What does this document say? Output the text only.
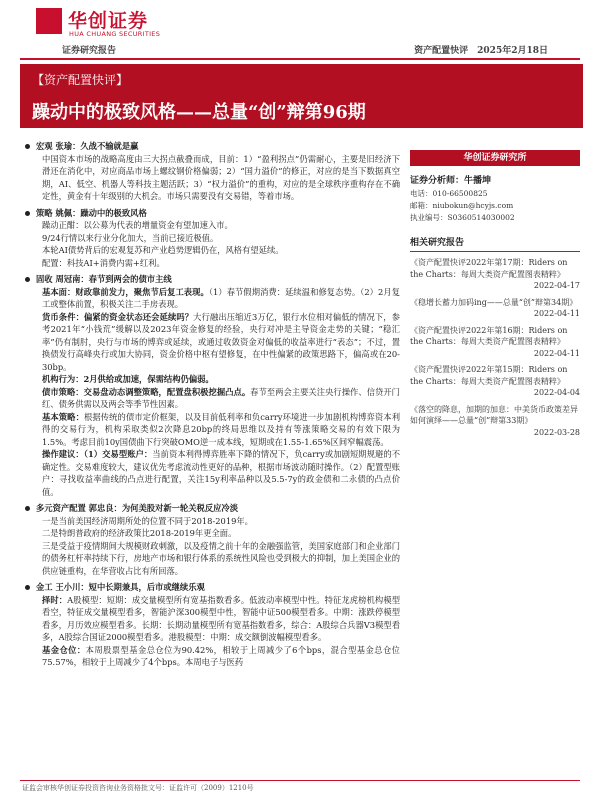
华创证券
HUA CHUANG SECURITIES
证券研究报告	资产配置快评　2025年2月18日
【资产配置快评】
躁动中的极致风格——总量“创”辩第96期
宏观 张瑜：久战不输就是赢

中国资本市场的战略高度由三大拐点截叠而成，目前：1）“盈利拐点”仍需耐心，主要是旧经济下滑还在消化中，对应商品市场上螺纹钢价格偏弱；2）“国力溢价”的修正，对应的是当下数据真空期，AI、低空、机器人等科技主题活跃；3）“权力溢价”的重构，对应的是全球秩序重构存在不确定性，黄金有十年级别的大机会。市场只需要没有交易错，等着市场。

策略 姚佩：躁动中的极致风格

躁动正酣：以公募为代表的增量资金有望加速入市。

9/24行情以来行业分化加大，当前已接近极值。

本轮AI债势背后的宏观复苏和产业趋势逻辑仍在，风格有望延续。

配置：科技AI+消费内需+红利。

固收 周冠南：春节到两会的债市主线

基本面：财政靠前发力，聚焦节后复工表现。（1）春节假期消费：延续温和修复态势。（2）2月复工或整体前置，积极关注二手房表现。

货币条件：偏紧的资金状态还会延续吗？大行融出压缩近3万亿，银行水位相对偏低的情况下，参考2021年“小钱荒”缓解以及2023年资金修复的经验，央行对冲是主导资金走势的关键；“稳汇率”仍有制肘，央行与市场的博弈或延续，或通过收敛资金对偏低的收益率进行“表态”；不过，置换债发行高峰央行或加大协同，资金价格中枢有望修复，在中性偏紧的政策思路下，偏高或在20-30bp。

机构行为：2月供给或加速，保需结构仍偏弱。

债市策略：交易盘动态调整策略，配置盘积极挖掘凸点。春节至两会主要关注央行操作、信贷开门红、债务供需以及两会等季节性因素。

基本策略：根据传统的债市定价框架，以及目前低利率和负carry环境进一步加剧机构博弈资本利得的交易行为，机构采取类似2次降息20bp的终局思维以及持有等涨策略交易的有效下限为1.5%。考虑目前10y国债曲下行突破OMO逆一成本线，短期或在1.55-1.65%区间窄幅震荡。

操作建议：（1）交易型账户：当前资本利得博弈胜率下降的情况下，负carry或加剧短期规避的不确定性。交易难度较大，建议优先考虑流动性更好的品种，根据市场波动随时操作。（2）配置型账户：寻找收益率曲线的凸点进行配置，关注15y利率品种以及5.5-7y的政金债和二永债的凸点价值。

多元资产配置 郭忠良：为何美股对新一轮关税反应冷淡

一是当前美国经济周期所处的位置不同于2018-2019年。

二是特朗普政府的经济政策比2018-2019年更全面。

三是受益于疫情期间大规模财政刺激，以及疫情之前十年的金融强监管，美国家庭部门和企业部门的债务杠杆率持续下行，房地产市场和银行体系的系统性风险也受到极大的抑制，加上美国企业的供应链重构，在华营收占比有所回落。

金工 王小川：短中长期兼具，后市或继续乐观

择时：A股模型：短期：成交量模型所有宽基指数看多。低波动率模型中性。特征龙虎榜机构模型看空，特征成交量模型看多，智能沪深300模型中性，智能中证500模型看多。中期：涨跌停模型看多，月历效应模型看多。长期：长期动量模型所有宽基指数看多，综合：A股综合兵器V3模型看多，A股综合国证2000模型看多。港股模型：中期：成交额倒波幅模型看多。

基金仓位：本周股票型基金总仓位为90.42%，相较于上周减少了6个bps，混合型基金总仓位75.57%，相较于上周减少了4个bps。本周电子与医药

华创证券研究所
证券分析师：牛播坤
电话：010-66500825
邮箱：niubokun@hcyjs.com
执业编号：S0360514030002
相关研究报告
《资产配置快评2022年第17期：Riders on the Charts：每周大类资产配置图表精粹》
2022-04-17
《稳增长蓄力加码ing——总量“创”辩第34期》
2022-04-11
《资产配置快评2022年第16期：Riders on the Charts：每周大类资产配置图表精粹》
2022-04-11
《资产配置快评2022年第15期：Riders on the Charts：每周大类资产配置图表精粹》
2022-04-04
《落空的降息，加期的加息：中美货币政策差异如何演绎——总量“创”辩第33期》
2022-03-28
证监会审核华创证券投资咨询业务资格批文号：证监许可（2009）1210号
